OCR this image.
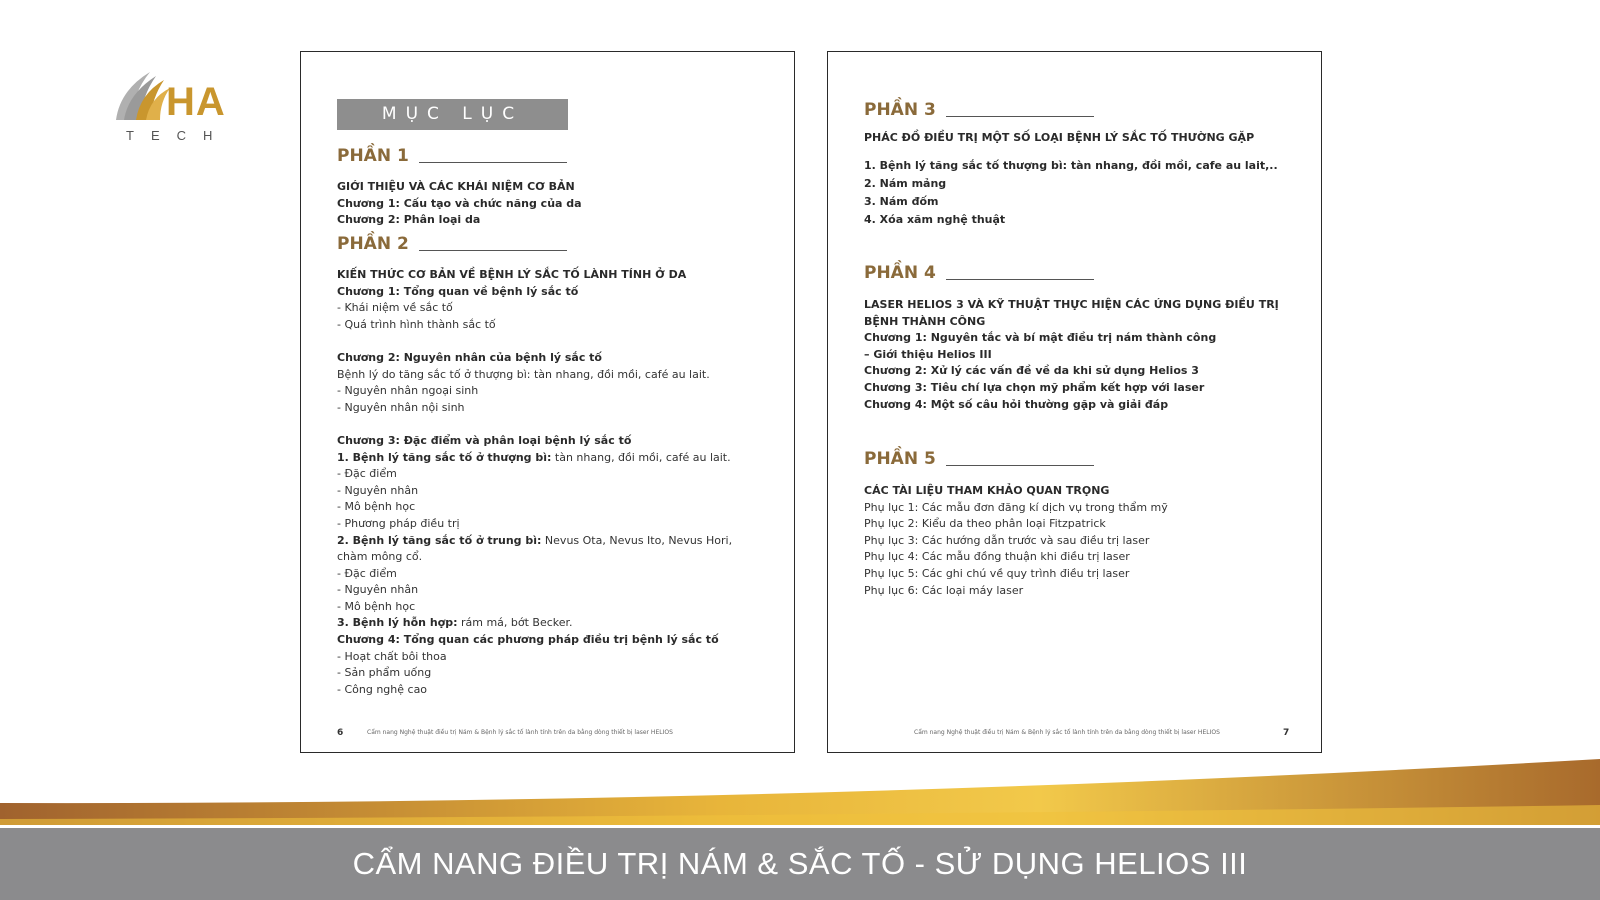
HA
TECH
MỤC LỤC
PHẦN 1

GIỚI THIỆU VÀ CÁC KHÁI NIỆM CƠ BẢN

Chương 1: Cấu tạo và chức năng của da

Chương 2: Phân loại da

PHẦN 2

KIẾN THỨC CƠ BẢN VỀ BỆNH LÝ SẮC TỐ LÀNH TÍNH Ở DA

Chương 1: Tổng quan về bệnh lý sắc tố

- Khái niệm về sắc tố

- Quá trình hình thành sắc tố

Chương 2: Nguyên nhân của bệnh lý sắc tố

Bệnh lý do tăng sắc tố ở thượng bì: tàn nhang, đồi mồi, café au lait.

- Nguyên nhân ngoại sinh

- Nguyên nhân nội sinh

Chương 3: Đặc điểm và phân loại bệnh lý sắc tố

1. Bệnh lý tăng sắc tố ở thượng bì: tàn nhang, đồi mồi, café au lait.

- Đặc điểm

- Nguyên nhân

- Mô bệnh học

- Phương pháp điều trị

2. Bệnh lý tăng sắc tố ở trung bì: Nevus Ota, Nevus Ito, Nevus Hori,

chàm mông cổ.

- Đặc điểm

- Nguyên nhân

- Mô bệnh học

3. Bệnh lý hỗn hợp: rám má, bớt Becker.

Chương 4: Tổng quan các phương pháp điều trị bệnh lý sắc tố

- Hoạt chất bôi thoa

- Sản phẩm uống

- Công nghệ cao

6	Cẩm nang Nghệ thuật điều trị Nám & Bệnh lý sắc tố lành tính trên da bằng dòng thiết bị laser HELIOS
PHẦN 3

PHÁC ĐỒ ĐIỀU TRỊ MỘT SỐ LOẠI BỆNH LÝ SẮC TỐ THƯỜNG GẶP

1. Bệnh lý tăng sắc tố thượng bì: tàn nhang, đồi mồi, cafe au lait,..

2. Nám mảng

3. Nám đốm

4. Xóa xăm nghệ thuật

PHẦN 4

LASER HELIOS 3 VÀ KỸ THUẬT THỰC HIỆN CÁC ỨNG DỤNG ĐIỀU TRỊ

BỆNH THÀNH CÔNG

Chương 1: Nguyên tắc và bí mật điều trị nám thành công

– Giới thiệu Helios III

Chương 2: Xử lý các vấn đề về da khi sử dụng Helios 3

Chương 3: Tiêu chí lựa chọn mỹ phẩm kết hợp với laser

Chương 4: Một số câu hỏi thường gặp và giải đáp

PHẦN 5

CÁC TÀI LIỆU THAM KHẢO QUAN TRỌNG

Phụ lục 1: Các mẫu đơn đăng kí dịch vụ trong thẩm mỹ

Phụ lục 2: Kiểu da theo phân loại Fitzpatrick

Phụ lục 3: Các hướng dẫn trước và sau điều trị laser

Phụ lục 4: Các mẫu đồng thuận khi điều trị laser

Phụ lục 5: Các ghi chú về quy trình điều trị laser

Phụ lục 6: Các loại máy laser

Cẩm nang Nghệ thuật điều trị Nám & Bệnh lý sắc tố lành tính trên da bằng dòng thiết bị laser HELIOS	7
CẨM NANG ĐIỀU TRỊ NÁM & SẮC TỐ - SỬ DỤNG HELIOS III
